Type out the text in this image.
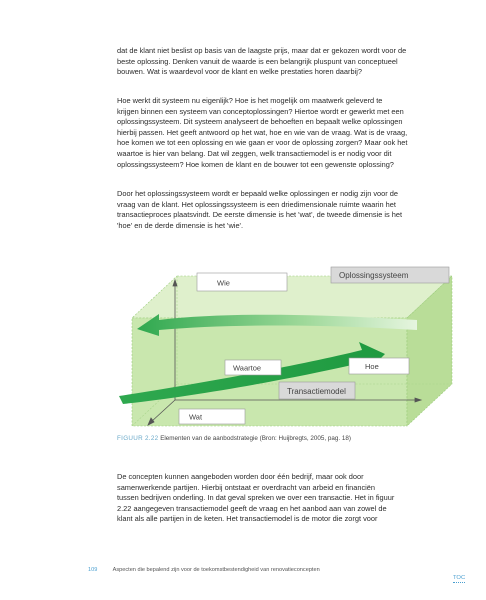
dat de klant niet beslist op basis van de laagste prijs, maar dat er gekozen wordt voor de
beste oplossing. Denken vanuit de waarde is een belangrijk pluspunt van conceptueel
bouwen. Wat is waardevol voor de klant en welke prestaties horen daarbij?

Hoe werkt dit systeem nu eigenlijk? Hoe is het mogelijk om maatwerk geleverd te
krijgen binnen een systeem van conceptoplossingen? Hiertoe wordt er gewerkt met een
oplossingssysteem. Dit systeem analyseert de behoeften en bepaalt welke oplossingen
hierbij passen. Het geeft antwoord op het wat, hoe en wie van de vraag. Wat is de vraag,
hoe komen we tot een oplossing en wie gaan er voor de oplossing zorgen? Maar ook het
waartoe is hier van belang. Dat wil zeggen, welk transactiemodel is er nodig voor dit
oplossingssysteem? Hoe komen de klant en de bouwer tot een gewenste oplossing?

Door het oplossingssysteem wordt er bepaald welke oplossingen er nodig zijn voor de
vraag van de klant. Het oplossingssysteem is een driedimensionale ruimte waarin het
transactieproces plaatsvindt. De eerste dimensie is het 'wat', de tweede dimensie is het
'hoe' en de derde dimensie is het 'wie'.

Wie
Oplossingssysteem
Waartoe	Hoe
Transactiemodel
Wat
FIGUUR 2.22 Elementen van de aanbodstrategie (Bron: Huijbregts, 2005, pag. 18)

De concepten kunnen aangeboden worden door één bedrijf, maar ook door
samenwerkende partijen. Hierbij ontstaat er overdracht van arbeid en financiën
tussen bedrijven onderling. In dat geval spreken we over een transactie. Het in figuur
2.22 aangegeven transactiemodel geeft de vraag en het aanbod aan van zowel de
klant als alle partijen in de keten. Het transactiemodel is de motor die zorgt voor

109	Aspecten die bepalend zijn voor de toekomstbestendigheid van renovatieconcepten
TOC
